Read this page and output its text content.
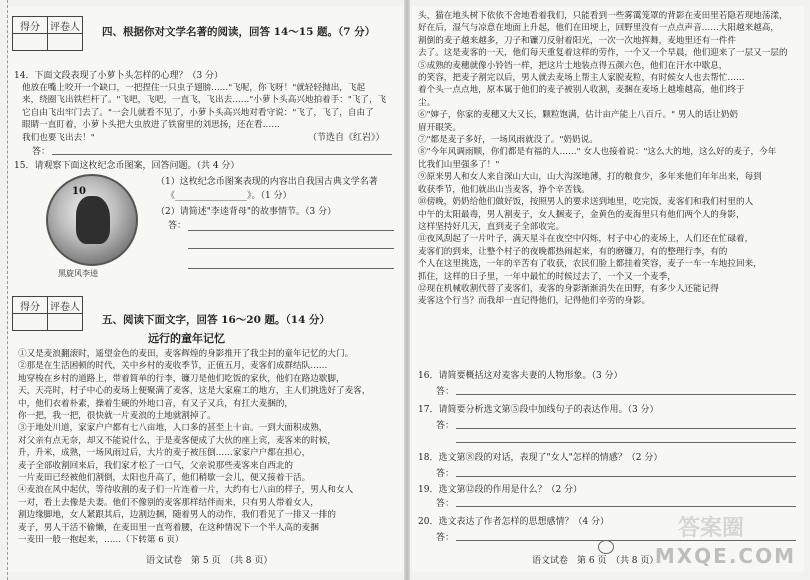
得分	评卷人
	四、根据你对文学名著的阅读，回答 14～15 题。（7 分）
14．下面文段表现了小萝卜头怎样的心理？（3 分）

他放在嘴上咬开一个缺口，一把捏住一只虫子翅膀……"飞呢，你飞呀！"就轻轻抛出，飞起

来，绕圈飞出铁栏杆了。"飞吧，飞吧，一直飞，飞出去……"小萝卜头高兴地拍着手："飞了，飞

它自由飞出牢门去了。"一会儿就看不见了，小萝卜头高兴地对看守说："飞了，飞了，自由了

眼睛一直盯着，小萝卜头把大虫放进了铁窗里的刘思扬，还在看……

我们也要飞出去！"	（节选自《红岩》）
答：
15．请观察下面这枚纪念币图案，回答问题。（共 4 分）
10
黑旋风李逵
（1）这枚纪念币图案表现的内容出自我国古典文学名著
《________________》。（1 分）
（2）请简述"李逵背母"的故事情节。（3 分）
答：
得分	评卷人

五、阅读下面文字，回答 16～20 题。（14 分）
远行的童年记忆

①又是麦浪翻滚时，遥望金色的麦田，麦客辉煌的身影推开了我尘封的童年记忆的大门。

②那是在生活困顿的时代，关中乡村的麦收季节，正值五月，麦客们成群结队……

地穿梭在乡村的道路上，带着简单的行李，镰刀是他们吃饭的家伙，他们在路边歇脚，

天，天亮时，村子中心的麦场上便聚满了麦客，这是大家雇工的地方，主人们挑选好了麦客，

中，他们衣着朴素，操着生硬的外地口音，有又子又兵，有扛大麦捆的，

你一把，我一把，很快就一片麦浪的土地就割掉了。

③于地处川道，家家户户都有七八亩地，人口多的甚至上十亩。一到大面积成熟，

对父亲有点无奈，却又不能说什么，于是麦客便成了大伙的座上宾，麦客来的时候，

升，升米，成熟，一场风雨过后，大片的麦子被压倒……家家户户都在担心，

麦子全部收割回来后，我们家才松了一口气，父亲说那些麦客来自西北的

一片麦田已经被他们割倒，太阳也升高了，他们稍歇一会儿，便又接着干活。

④麦浪在风中起伏，等待收割的麦子们一片连着一片，大约有七八亩的样子，男人和女人

一对，看上去像是夫妻。他们不像别的麦客那样结伴而来，只有男人带着女人，

割边缘脚地，女人紧跟其后，边割边捆，随着男人的动作，我们看见了一排又一排的

麦子，男人干活不偷懒，在麦田里一直弯着腰，在这种情况下一个半人高的麦捆

一麦田一般一抱起来，……（下转第 6 页）

语文试卷　第 5 页　（共 8 页）

头，猫在地头树下依依不舍地看着我们，只能看到一些雾霭笼罩的背影在麦田里若隐若现地荡漾，

好在后，湿气与凉意在地面上升起，他们在田埂上，回野里没有一点点声音……大阳越来越高，

割倒的麦子越来越多，刀子和镰刀反射着阳光，一次一次地挥舞，麦地里还有一件件

去了。这是麦客的一天，他们每天重复着这样的劳作，一个又一个早晨，他们迎来了一层又一层的

⑤成熟的麦穗就像小铃铛一样，把这片土地装点得五颜六色，他们在汗水中歇息，

的笑容，把麦子割完以后，男人就去麦场上帮主人家脱麦粒，有时候女人也去帮忙……

着个头一点点地，原本属于他们的麦子被别人收割，麦捆在麦场上越堆越高，他们终于

尘。

⑥"婶子，你家的麦穗又大又长，颗粒饱满，估计亩产能上八百斤。" 男人的话让奶奶

眉开眼笑。

⑦"都是麦子多好，一场风雨就没了。"奶奶说。

⑧"今年风调雨顺，你们都是有福的人……" 女人也接着说："这么大的地，这么好的麦子，今年

比我们山里强多了！"

⑨原来男人和女人来自深山大山，山大沟深地薄，打的粮食少，多年来他们年年出来，每到

收获季节，他们就出山当麦客，挣个辛苦钱。

⑩傍晚，奶奶给他们做好饭，按照男人的要求送到地里，吃完饭，麦客们和我们村里的人

中午的太阳最毒，男人割麦子，女人捆麦子，金黄色的麦海里只有他们两个人的身影，

这样坚持好几天，直到麦子全部收完。

⑪夜风刮起了一片叶子，满天星斗在夜空中闪烁，村子中心的麦场上，人们还在忙碌着，

麦客们的到来，让整个村子的夜晚都热闹起来，有的磨镰刀，有的整理行李，有的

个人在这里挑选，一年的辛苦有了收获，农民们脸上都挂着笑容，麦子一车一车地拉回来，

抓住，这样的日子里，一年中最忙的时候过去了，一个又一个麦季，

⑫现在机械收割代替了麦客们，麦客的身影渐渐消失在田野，有多少人还能记得

麦客这个行当？而我却一直记得他们，记得他们辛劳的身影。

16．请简要概括这对麦客夫妻的人物形象。（3 分）
答：
17．请简要分析选文第⑤段中加线句子的表达作用。（3 分）
答：
18．选文第⑧段的对话，表现了"女人"怎样的情感？（2 分）
答：
19．选文第⑫段的作用是什么？（2 分）
答：
20．选文表达了作者怎样的思想感情？（4 分）
答：
语文试卷　第 6 页　（共 8 页）
答案圈
MXQE.COM
